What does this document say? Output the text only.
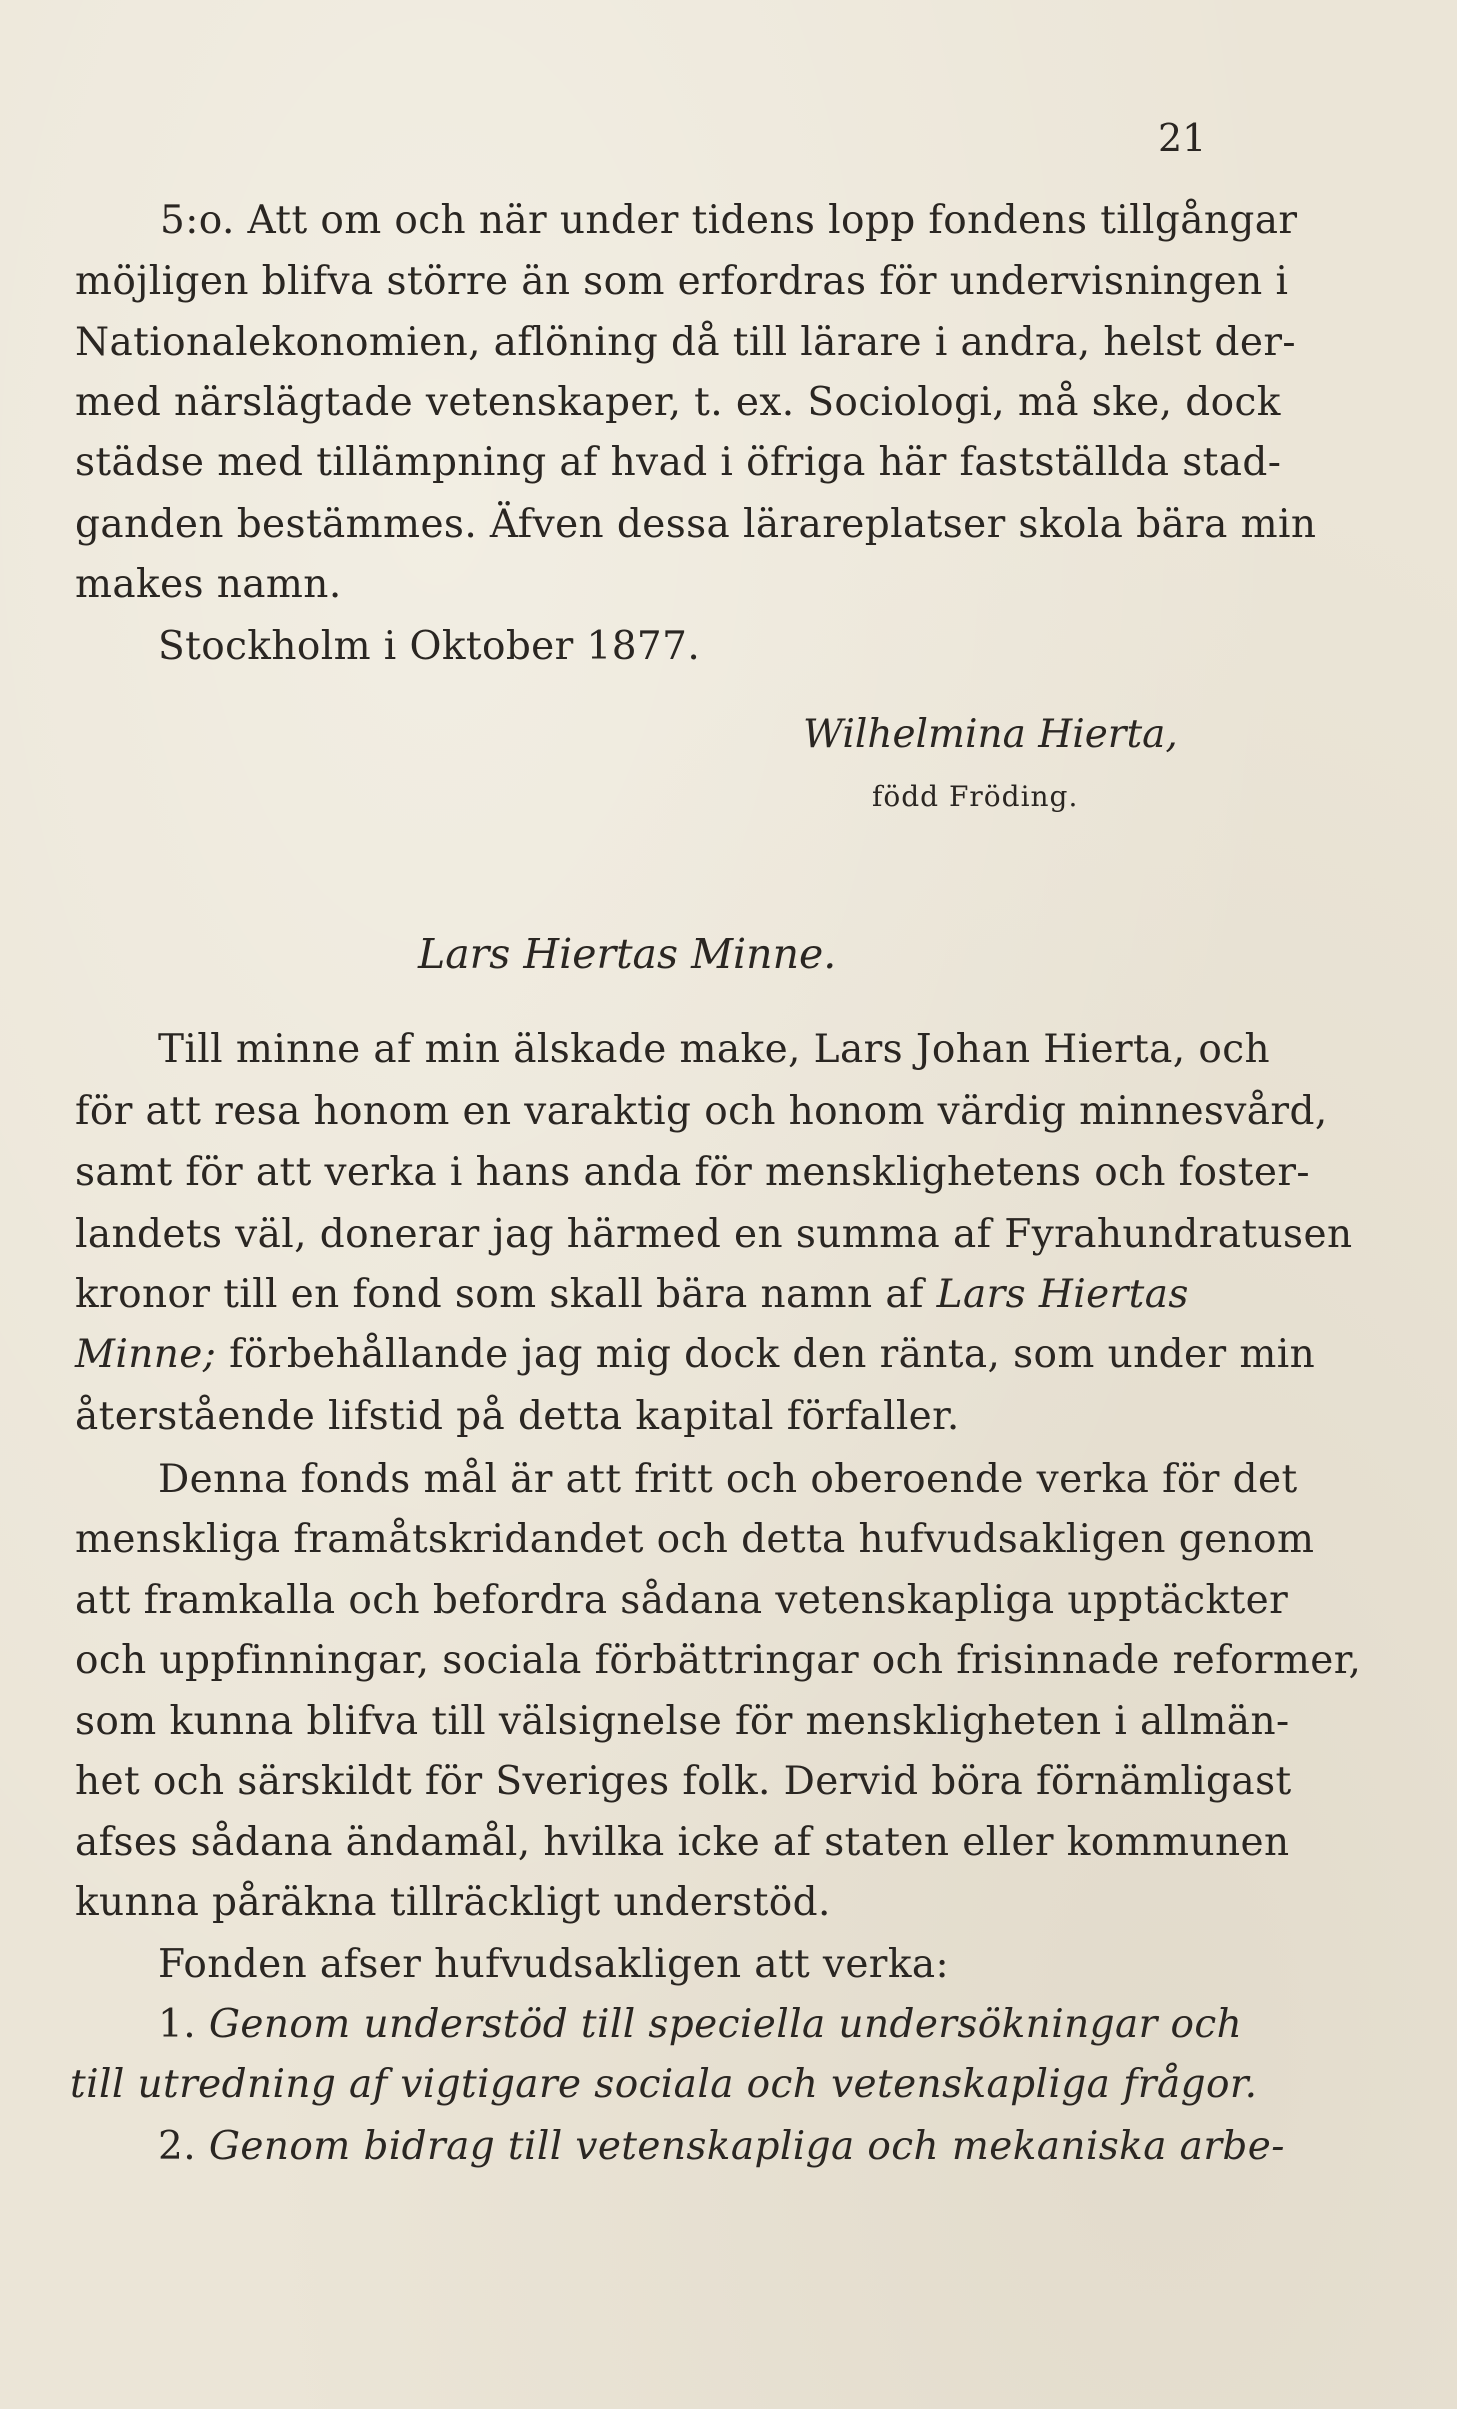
21
5:o. Att om och när under tidens lopp fondens tillgångar
möjligen blifva större än som erfordras för undervisningen i
Nationalekonomien, aflöning då till lärare i andra, helst der-
med närslägtade vetenskaper, t. ex. Sociologi, må ske, dock
städse med tillämpning af hvad i öfriga här fastställda stad-
ganden bestämmes. Äfven dessa lärareplatser skola bära min
makes namn.
Stockholm i Oktober 1877.
Wilhelmina Hierta,
född Fröding.
Lars Hiertas Minne.
Till minne af min älskade make, Lars Johan Hierta, och
för att resa honom en varaktig och honom värdig minnesvård,
samt för att verka i hans anda för mensklighetens och foster-
landets väl, donerar jag härmed en summa af Fyrahundratusen
kronor till en fond som skall bära namn af Lars Hiertas
Minne; förbehållande jag mig dock den ränta, som under min
återstående lifstid på detta kapital förfaller.
Denna fonds mål är att fritt och oberoende verka för det
menskliga framåtskridandet och detta hufvudsakligen genom
att framkalla och befordra sådana vetenskapliga upptäckter
och uppfinningar, sociala förbättringar och frisinnade reformer,
som kunna blifva till välsignelse för menskligheten i allmän-
het och särskildt för Sveriges folk. Dervid böra förnämligast
afses sådana ändamål, hvilka icke af staten eller kommunen
kunna påräkna tillräckligt understöd.
Fonden afser hufvudsakligen att verka:
1. Genom understöd till speciella undersökningar och
till utredning af vigtigare sociala och vetenskapliga frågor.
2. Genom bidrag till vetenskapliga och mekaniska arbe-
